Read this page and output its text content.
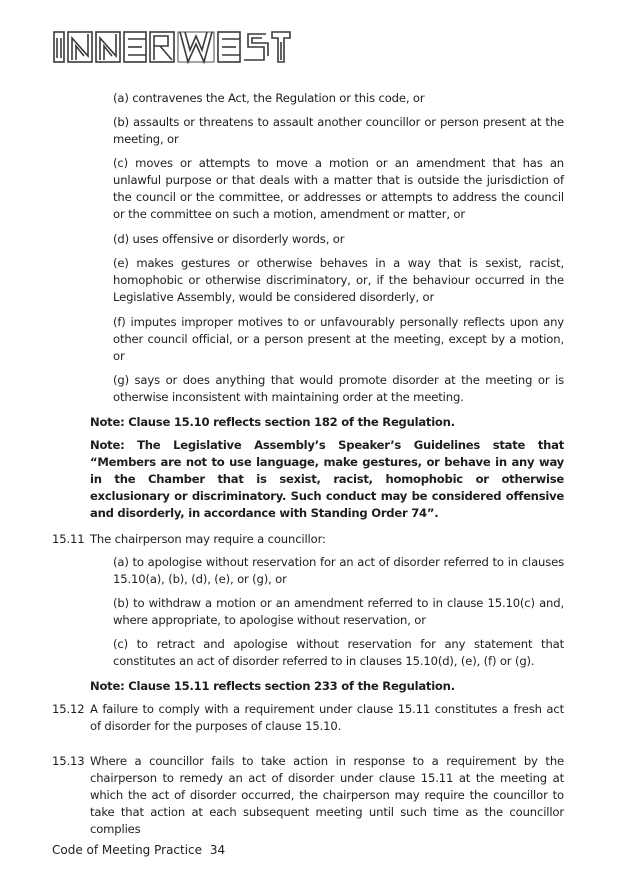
(a) contravenes the Act, the Regulation or this code, or

(b) assaults or threatens to assault another councillor or person present at the meeting, or

(c) moves or attempts to move a motion or an amendment that has an unlawful purpose or that deals with a matter that is outside the jurisdiction of the council or the committee, or addresses or attempts to address the council or the committee on such a motion, amendment or matter, or

(d) uses offensive or disorderly words, or

(e) makes gestures or otherwise behaves in a way that is sexist, racist, homophobic or otherwise discriminatory, or, if the behaviour occurred in the Legislative Assembly, would be considered disorderly, or

(f) imputes improper motives to or unfavourably personally reflects upon any other council official, or a person present at the meeting, except by a motion, or

(g) says or does anything that would promote disorder at the meeting or is otherwise inconsistent with maintaining order at the meeting.

Note: Clause 15.10 reflects section 182 of the Regulation.

Note: The Legislative Assembly’s Speaker’s Guidelines state that “Members are not to use language, make gestures, or behave in any way in the Chamber that is sexist, racist, homophobic or otherwise exclusionary or discriminatory. Such conduct may be considered offensive and disorderly, in accordance with Standing Order 74”.

15.11 The chairperson may require a councillor:

(a) to apologise without reservation for an act of disorder referred to in clauses 15.10(a), (b), (d), (e), or (g), or

(b) to withdraw a motion or an amendment referred to in clause 15.10(c) and, where appropriate, to apologise without reservation, or

(c) to retract and apologise without reservation for any statement that constitutes an act of disorder referred to in clauses 15.10(d), (e), (f) or (g).

Note: Clause 15.11 reflects section 233 of the Regulation.

15.12 A failure to comply with a requirement under clause 15.11 constitutes a fresh act of disorder for the purposes of clause 15.10.

15.13 Where a councillor fails to take action in response to a requirement by the chairperson to remedy an act of disorder under clause 15.11 at the meeting at which the act of disorder occurred, the chairperson may require the councillor to take that action at each subsequent meeting until such time as the councillor complies

Code of Meeting Practice 34
